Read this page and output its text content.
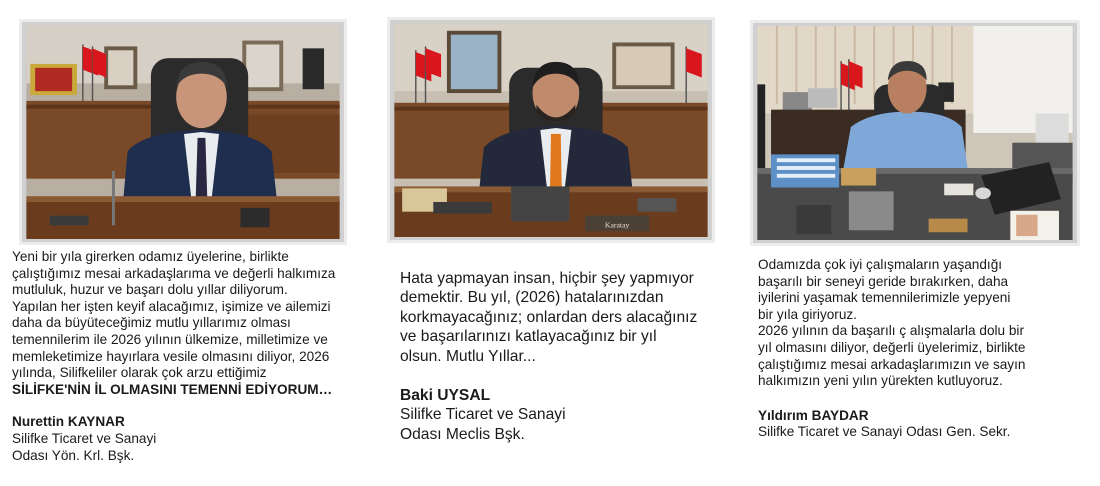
Yeni bir yıla girerken odamız üyelerine, birlikte
çalıştığımız mesai arkadaşlarıma ve değerli halkımıza
mutluluk, huzur ve başarı dolu yıllar diliyorum.
Yapılan her işten keyif alacağımız, işimize ve ailemizi
daha da büyüteceğimiz mutlu yıllarımız olması
temennilerim ile 2026 yılının ülkemize, milletimize ve
memleketimize hayırlara vesile olmasını diliyor, 2026
yılında, Silifkeliler olarak çok arzu ettiğimiz

SİLİFKE'NİN İL OLMASINI TEMENNİ EDİYORUM…

Nurettin KAYNAR
Silifke Ticaret ve Sanayi
Odası Yön. Krl. Bşk.
Karatay

Hata yapmayan insan, hiçbir şey yapmıyor
demektir. Bu yıl, (2026) hatalarınızdan
korkmayacağınız; onlardan ders alacağınız
ve başarılarınızı katlayacağınız bir yıl
olsun. Mutlu Yıllar...

Baki UYSAL
Silifke Ticaret ve Sanayi
Odası Meclis Bşk.

Odamızda çok iyi çalışmaların yaşandığı
başarılı bir seneyi geride bırakırken, daha
iyilerini yaşamak temennilerimizle yepyeni
bir yıla giriyoruz.
2026 yılının da başarılı ç alışmalarla dolu bir
yıl olmasını diliyor, değerli üyelerimiz, birlikte
çalıştığımız mesai arkadaşlarımızın ve sayın
halkımızın yeni yılın yürekten kutluyoruz.

Yıldırım BAYDAR
Silifke Ticaret ve Sanayi Odası Gen. Sekr.
